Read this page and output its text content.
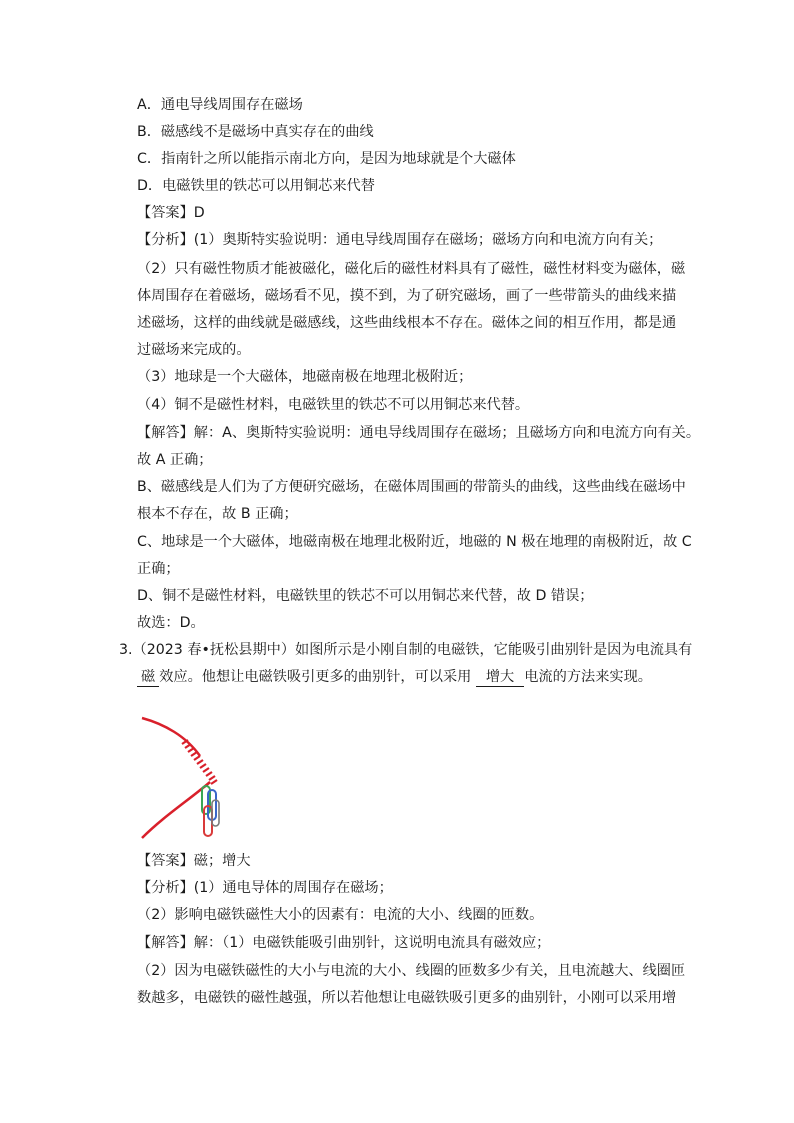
A．通电导线周围存在磁场
B．磁感线不是磁场中真实存在的曲线
C．指南针之所以能指示南北方向，是因为地球就是个大磁体
D．电磁铁里的铁芯可以用铜芯来代替
【答案】D
【分析】(1）奥斯特实验说明：通电导线周围存在磁场；磁场方向和电流方向有关；
（2）只有磁性物质才能被磁化，磁化后的磁性材料具有了磁性，磁性材料变为磁体，磁
体周围存在着磁场，磁场看不见，摸不到，为了研究磁场，画了一些带箭头的曲线来描
述磁场，这样的曲线就是磁感线，这些曲线根本不存在。磁体之间的相互作用，都是通
过磁场来完成的。
（3）地球是一个大磁体，地磁南极在地理北极附近；
（4）铜不是磁性材料，电磁铁里的铁芯不可以用铜芯来代替。
【解答】解：A、奥斯特实验说明：通电导线周围存在磁场；且磁场方向和电流方向有关。
故 A 正确；
B、磁感线是人们为了方便研究磁场，在磁体周围画的带箭头的曲线，这些曲线在磁场中
根本不存在，故 B 正确；
C、地球是一个大磁体，地磁南极在地理北极附近，地磁的 N 极在地理的南极附近，故 C
正确；
D、铜不是磁性材料，电磁铁里的铁芯不可以用铜芯来代替，故 D 错误；
故选：D。
3.（2023 春•抚松县期中）如图所示是小刚自制的电磁铁，它能吸引曲别针是因为电流具有
磁 效应。他想让电磁铁吸引更多的曲别针，可以采用 增大 电流的方法来实现。
【答案】磁；增大
【分析】(1）通电导体的周围存在磁场；
（2）影响电磁铁磁性大小的因素有：电流的大小、线圈的匝数。
【解答】解：（1）电磁铁能吸引曲别针，这说明电流具有磁效应；
（2）因为电磁铁磁性的大小与电流的大小、线圈的匝数多少有关，且电流越大、线圈匝
数越多，电磁铁的磁性越强，所以若他想让电磁铁吸引更多的曲别针，小刚可以采用增
